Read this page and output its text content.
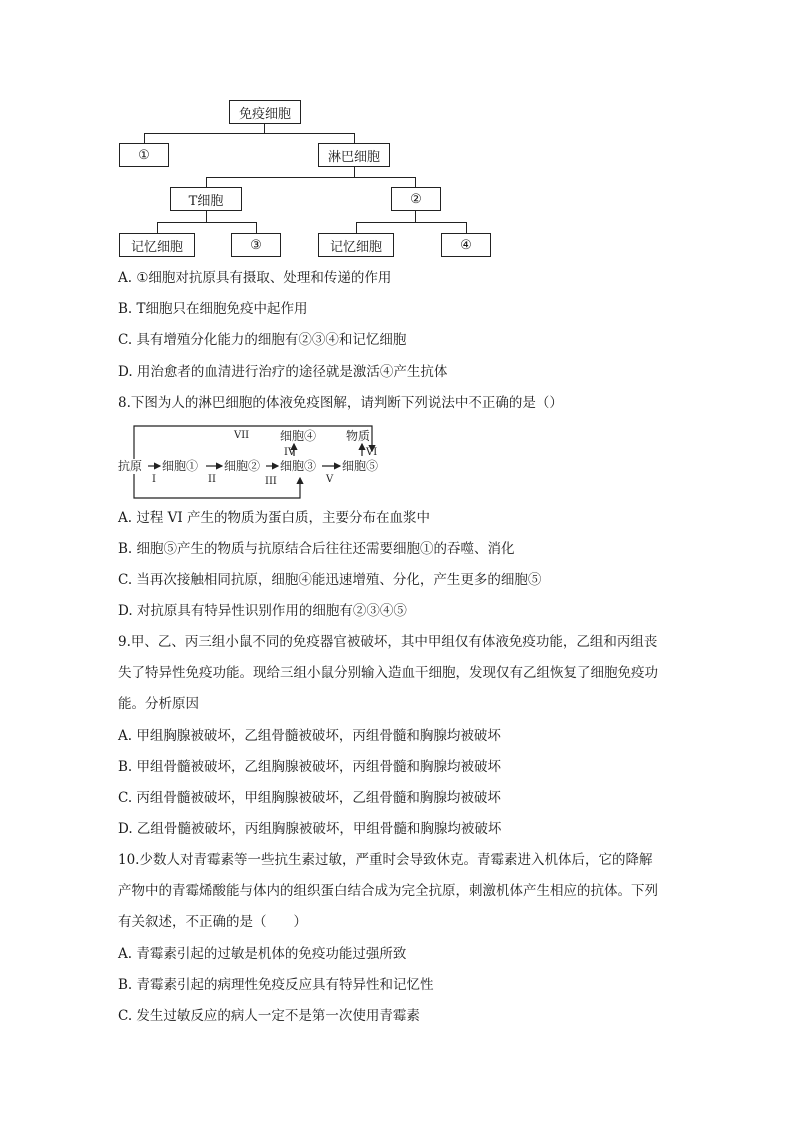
免疫细胞
①	淋巴细胞
T细胞	②
记忆细胞	③	记忆细胞	④
A. ①细胞对抗原具有摄取、处理和传递的作用
B. T细胞只在细胞免疫中起作用
C. 具有增殖分化能力的细胞有②③④和记忆细胞
D. 用治愈者的血清进行治疗的途径就是激活④产生抗体
8.下图为人的淋巴细胞的体液免疫图解，请判断下列说法中不正确的是（）
VII
抗原 细胞① 细胞② 细胞③ 细胞⑤
细胞④ 物质
I	II	III	V
IV	VI
A. 过程 VI 产生的物质为蛋白质，主要分布在血浆中
B. 细胞⑤产生的物质与抗原结合后往往还需要细胞①的吞噬、消化
C. 当再次接触相同抗原，细胞④能迅速增殖、分化，产生更多的细胞⑤
D. 对抗原具有特异性识别作用的细胞有②③④⑤
9.甲、乙、丙三组小鼠不同的免疫器官被破坏，其中甲组仅有体液免疫功能，乙组和丙组丧
失了特异性免疫功能。现给三组小鼠分别输入造血干细胞，发现仅有乙组恢复了细胞免疫功
能。分析原因
A. 甲组胸腺被破坏，乙组骨髓被破坏，丙组骨髓和胸腺均被破坏
B. 甲组骨髓被破坏，乙组胸腺被破坏，丙组骨髓和胸腺均被破坏
C. 丙组骨髓被破坏，甲组胸腺被破坏，乙组骨髓和胸腺均被破坏
D. 乙组骨髓被破坏，丙组胸腺被破坏，甲组骨髓和胸腺均被破坏
10.少数人对青霉素等一些抗生素过敏，严重时会导致休克。青霉素进入机体后，它的降解
产物中的青霉烯酸能与体内的组织蛋白结合成为完全抗原，刺激机体产生相应的抗体。下列
有关叙述，不正确的是（　　）
A. 青霉素引起的过敏是机体的免疫功能过强所致
B. 青霉素引起的病理性免疫反应具有特异性和记忆性
C. 发生过敏反应的病人一定不是第一次使用青霉素
